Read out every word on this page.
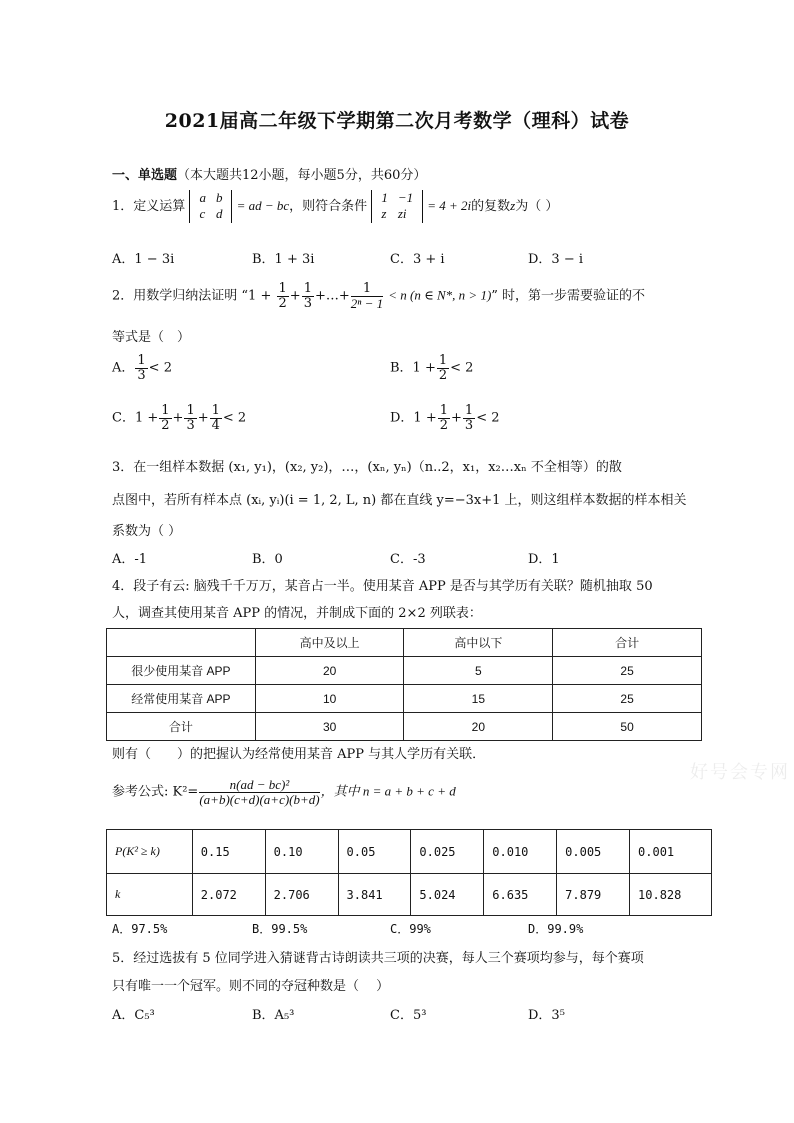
2021届高二年级下学期第二次月考数学（理科）试卷
一、单选题（本大题共12小题，每小题5分，共60分）
1．定义运算
a	b
c	d
= ad − bc，则符合条件
1	−1
z	zi
= 4 + 2i的复数z为（ ）
A．1 − 3i	B．1 + 3i	C．3 + i	D．3 − i
2．用数学归纳法证明 “$1 + \frac{1}{2} + \frac{1}{3}$ +…+ $\frac{1}{\text{2ⁿ − 1}} < n$ (n ∈ N*, n > 1)” 时，第一步需要验证的不
等式是（　）
A． $\frac{1}{3} < 2$	B．$1 + \frac{1}{2} < 2$
C．$1 + \frac{1}{2} + \frac{1}{3} + \frac{1}{4} < 2$	D．$1 + \frac{1}{2} + \frac{1}{3} < 2$
3．在一组样本数据 (x₁, y₁)，(x₂, y₂)，…，(xₙ, yₙ)（n..2，x₁，x₂…xₙ 不全相等）的散
点图中，若所有样本点 (xᵢ, yᵢ)(i = 1, 2, L, n) 都在直线 y=−3x+1 上，则这组样本数据的样本相关
系数为（ ）
A．-1	B．0	C．-3	D．1
4．段子有云: 脑残千千万万，某音占一半。使用某音 APP 是否与其学历有关联？随机抽取 50
人，调查其使用某音 APP 的情况，并制成下面的 2×2 列联表：
	高中及以上	高中以下	合计
很少使用某音 APP	20	5	25
经常使用某音 APP	10	15	25
合计	30	20	50
则有（　　）的把握认为经常使用某音 APP 与其人学历有关联．
参考公式: $K^2= \frac{\text{n(ad − bc)²}}{(a+b)(c+d)(a+c)(b+d)}$ ，其中 n = a + b + c + d
P(K² ≥ k)	0.15	0.10	0.05	0.025	0.010	0.005	0.001
k	2.072	2.706	3.841	5.024	6.635	7.879	10.828
A．97.5%	B．99.5%	C．99%	D．99.9%
5．经过选拔有 5 位同学进入猜谜背古诗朗读共三项的决赛，每人三个赛项均参与，每个赛项
只有唯一一个冠军。则不同的夺冠种数是（　 ）
A．C₅³	B．A₅³	C．5³	D．3⁵
好号会专网
